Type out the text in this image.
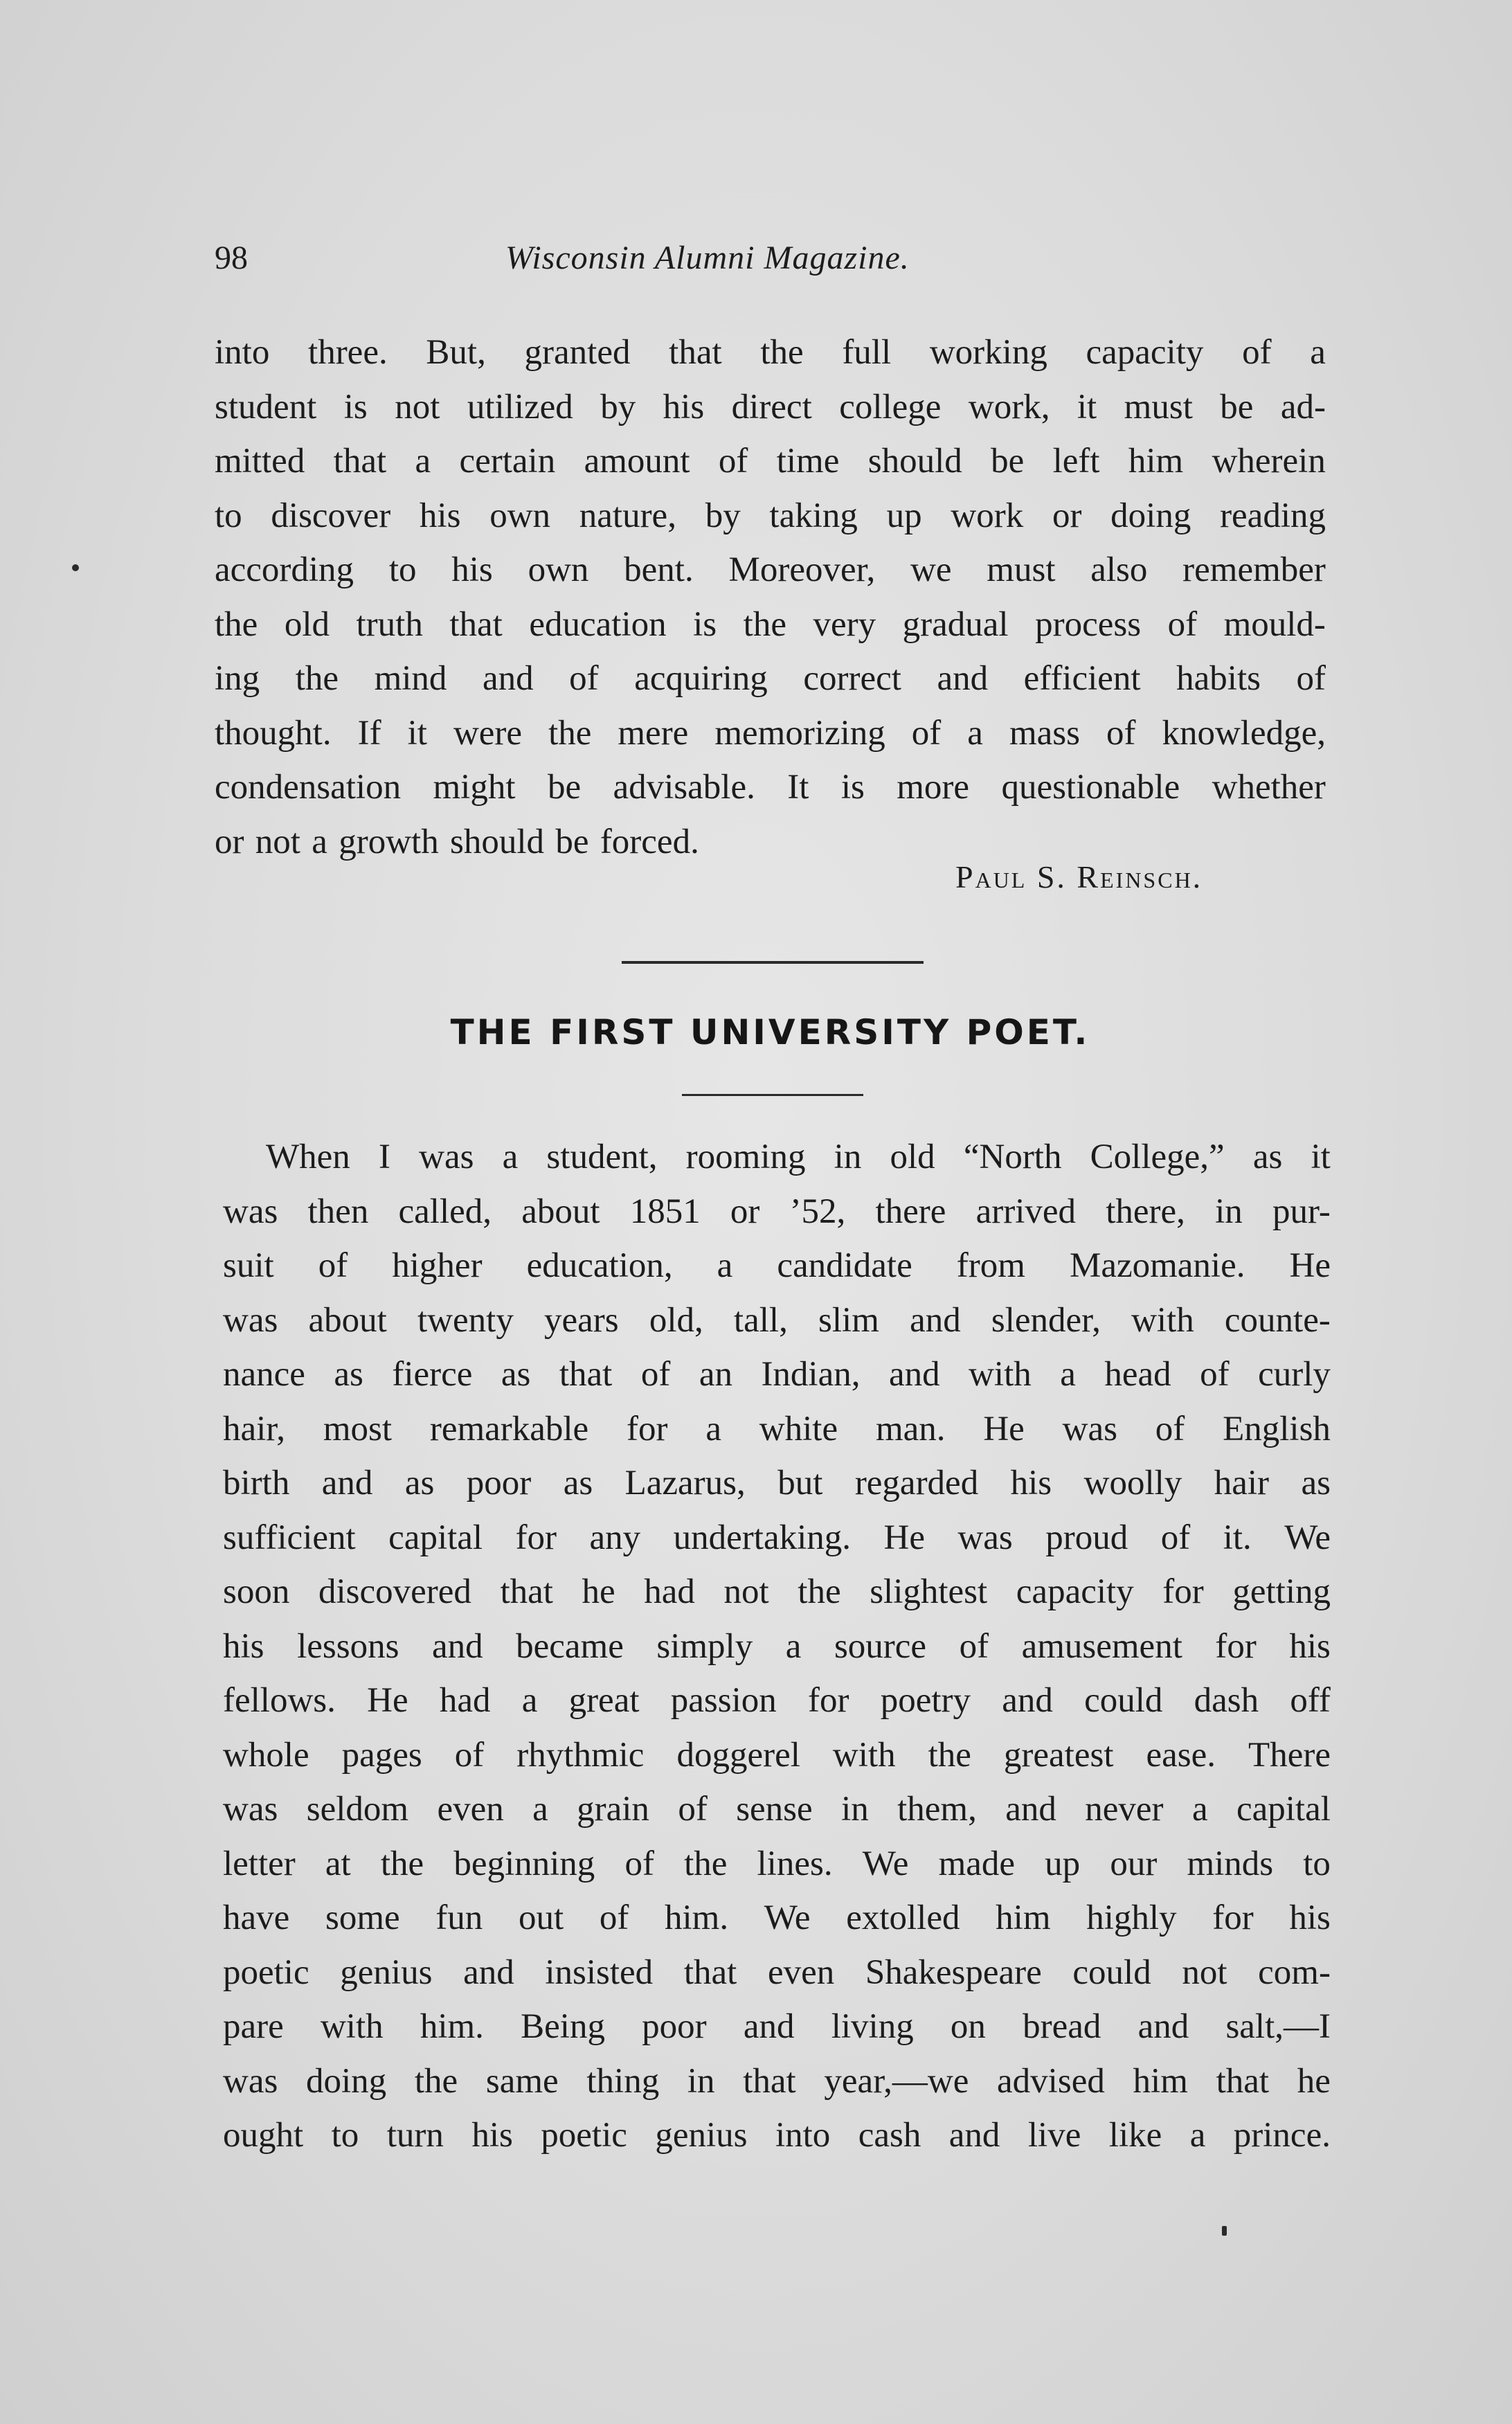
98	Wisconsin Alumni Magazine.
into three. But, granted that the full working capacity of a
student is not utilized by his direct college work, it must be ad-
mitted that a certain amount of time should be left him wherein
to discover his own nature, by taking up work or doing reading
according to his own bent. Moreover, we must also remember
the old truth that education is the very gradual process of mould-
ing the mind and of acquiring correct and efficient habits of
thought. If it were the mere memorizing of a mass of knowledge,
condensation might be advisable. It is more questionable whether
or not a growth should be forced.
Paul S. Reinsch.
THE FIRST UNIVERSITY POET.
When I was a student, rooming in old “North College,” as it
was then called, about 1851 or ’52, there arrived there, in pur-
suit of higher education, a candidate from Mazomanie. He
was about twenty years old, tall, slim and slender, with counte-
nance as fierce as that of an Indian, and with a head of curly
hair, most remarkable for a white man. He was of English
birth and as poor as Lazarus, but regarded his woolly hair as
sufficient capital for any undertaking. He was proud of it. We
soon discovered that he had not the slightest capacity for getting
his lessons and became simply a source of amusement for his
fellows. He had a great passion for poetry and could dash off
whole pages of rhythmic doggerel with the greatest ease. There
was seldom even a grain of sense in them, and never a capital
letter at the beginning of the lines. We made up our minds to
have some fun out of him. We extolled him highly for his
poetic genius and insisted that even Shakespeare could not com-
pare with him. Being poor and living on bread and salt,—I
was doing the same thing in that year,—we advised him that he
ought to turn his poetic genius into cash and live like a prince.
